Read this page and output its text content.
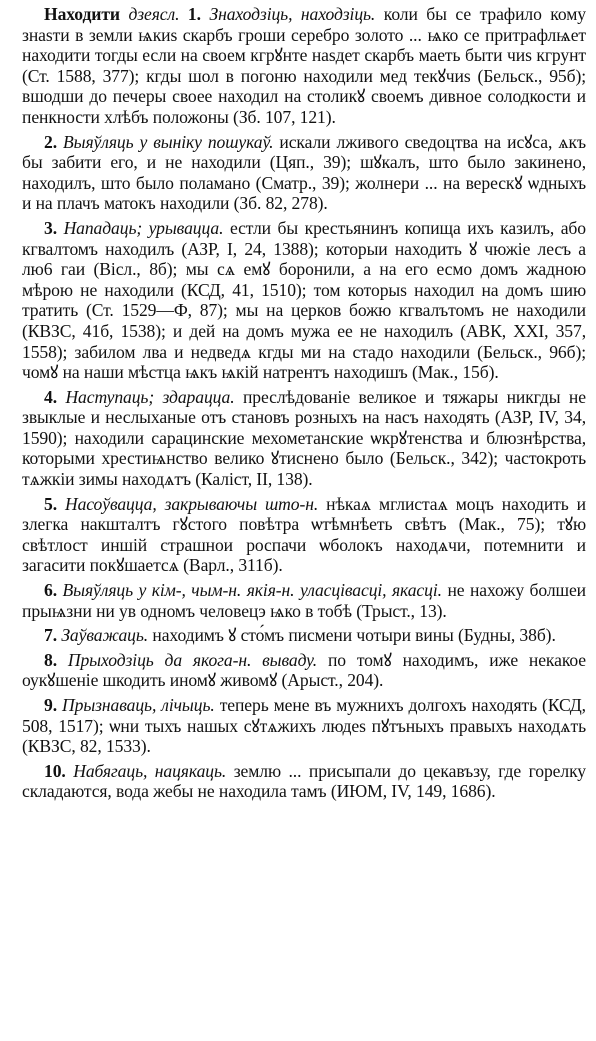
Находити дзеясл. 1. Знаходзiць, находзiць. коли бы се трафило кому знаsти в земли ѩкиs скарбъ гроши серебро золото ... ѩко се притрафлѩет находити тогды если на своем кгрꙋнте наsдет скарбъ маеть быти чиs кгрунт (Ст. 1588, 377); кгды шол в погоню находили мед текꙋчиs (Бельск., 95б); вшодши до печеры своее находил на столикꙋ своемъ дивное солодкости и пенкности хлѣбъ положоны (Зб. 107, 121).

2. Выяўляць у вынiку пошукаў. искали лживого сведоцтва на исꙋса, ѧкъ бы забити его, и не находили (Цяп., 39); шꙋкалъ, што было закинено, находилъ, што было поламано (Сматр., 39); жолнери ... на верескꙋ ѡдныхъ и на плачъ матокъ находили (Зб. 82, 278).

3. Нападаць; урывацца. естли бы крестьянинъ копища ихъ казилъ, або кгвалтомъ находилъ (АЗР, I, 24, 1388); которыи находить ꙋ чюжіе лесъ а лю6 гаи (Віcл., 8б); мы сѧ емꙋ боронили, а на его есмо домъ жадною мѣрою не находили (КСД, 41, 1510); том которыs находил на домъ шию тратить (Ст. 1529—Ф, 87); мы на церков божю кгвалътомъ не находили (КВЗС, 41б, 1538); и дей на домъ мужа ее не находилъ (АВК, XXI, 357, 1558); забилом лва и недведѧ кгды ми на стадо находили (Бельск., 96б); чомꙋ на наши мѣстца ѩкъ ѩкій натрентъ находишъ (Мак., 15б).

4. Наступаць; здарацца. преслѣдованіе великое и тяжары никгды не звыклые и неслыханые отъ становъ розныхъ на насъ находять (АЗР, IV, 34, 1590); находили сарацинские мехометанские ѡкрꙋтенства и блюзнѣрства, которыми хрестиѩнство велико ꙋтиснено было (Бельск., 342); частокроть тѧжкіи зимы находѧтъ (Каліст, II, 138).

5. Насоўвацца, закрываючы што-н. нѣкаѧ мглистаѧ моцъ находить и злегка накшталтъ гꙋстого повѣтра ѡтѣмнѣеть свѣтъ (Мак., 75); тꙋю свѣтлост иншій страшнои роспачи ѡболокъ находѧчи, потемнити и загасити покꙋшаетсѧ (Варл., 311б).

6. Выяўляць у кiм-, чым-н. якiя-н. уласцiвасцi, якасцi. не нахожу болшеи прыѩзни ни ув одномъ человецэ ѩко в тобѣ (Трыст., 13).

7. Заўважаць. находимъ ꙋ сто́мъ писмени чотыри вины (Будны, 38б).

8. Прыходзiць да якога-н. вываду. по томꙋ находимъ, иже некакое оукꙋшеніе шкодить иномꙋ живомꙋ (Арыст., 204).

9. Прызнаваць, лiчыць. теперь мене въ мужнихъ долгохъ находять (КСД, 508, 1517); ѡни тыхъ нашых сꙋтѧжихъ людеs пꙋтъныхъ правыхъ находѧть (КВЗС, 82, 1533).

10. Набягаць, нацякаць. землю ... присыпали до цекавъзу, где горелку складаются, вода жебы не находила тамъ (ИЮМ, IV, 149, 1686).
